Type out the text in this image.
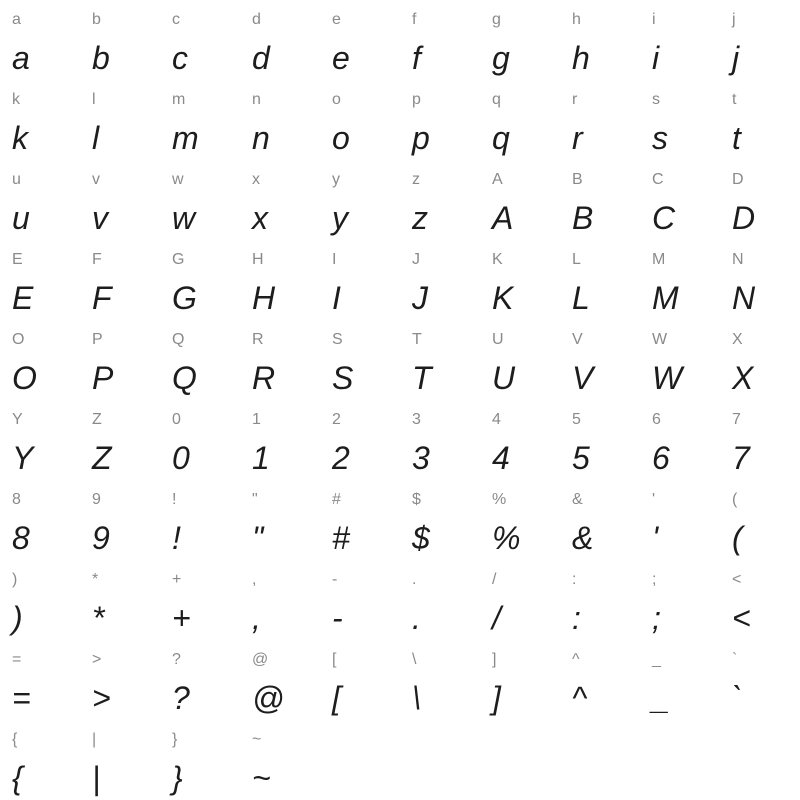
a
a
b
b
c
c
d
d
e
e
f
f
g
g
h
h
i
i
j
j
k
k
l
l
m
m
n
n
o
o
p
p
q
q
r
r
s
s
t
t
u
u
v
v
w
w
x
x
y
y
z
z
A
A
B
B
C
C
D
D
E
E
F
F
G
G
H
H
I
I
J
J
K
K
L
L
M
M
N
N
O
O
P
P
Q
Q
R
R
S
S
T
T
U
U
V
V
W
W
X
X
Y
Y
Z
Z
0
0
1
1
2
2
3
3
4
4
5
5
6
6
7
7
8
8
9
9
!
!
"
"
#
#
$
$
%
%
&
&
'
'
(
(
)
)
*
*
+
+
,
,
-
-
.
.
/
/
:
:
;
;
<
<
=
=
>
>
?
?
@
@
[
[
\
\
]
]
^
^
_
_
`
`
{
{
|
|
}
}
~
~
